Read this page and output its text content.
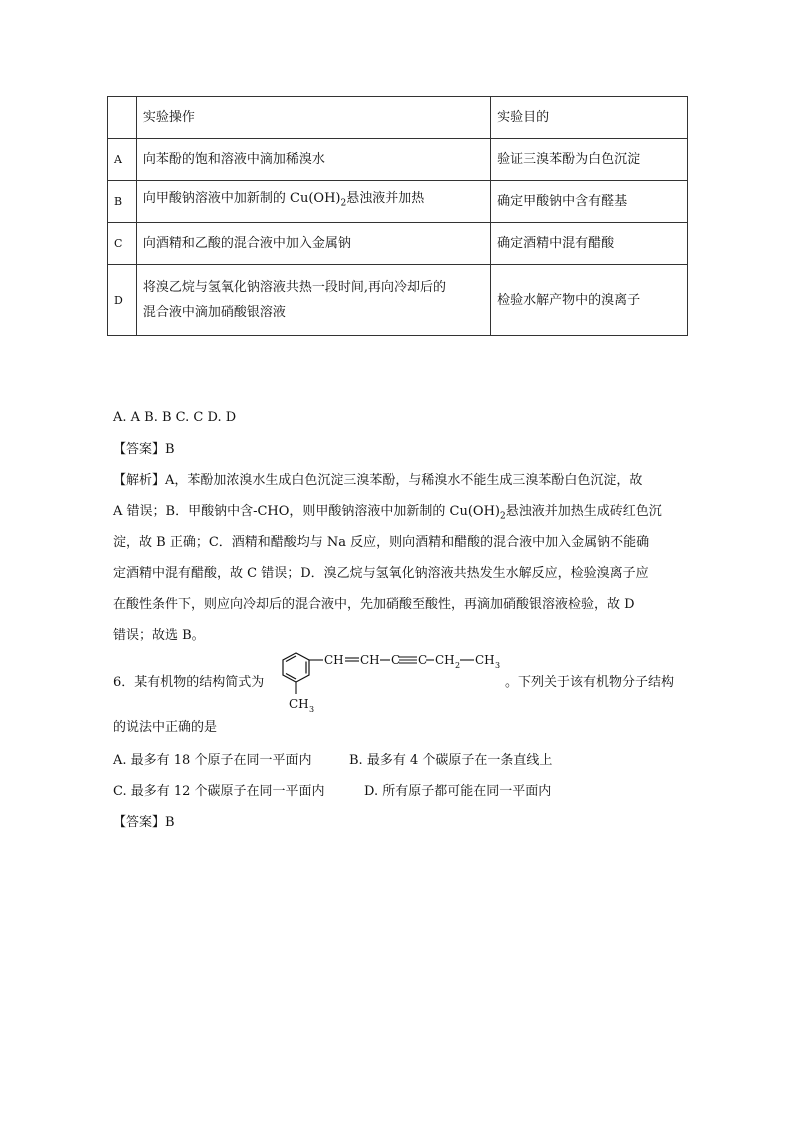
	实验操作	实验目的
A	向苯酚的饱和溶液中滴加稀溴水	验证三溴苯酚为白色沉淀
B	向甲酸钠溶液中加新制的 $Cu(OH)_2$悬浊液并加热	确定甲酸钠中含有醛基
C	向酒精和乙酸的混合液中加入金属钠	确定酒精中混有醋酸
D	将溴乙烷与氢氧化钠溶液共热一段时间,再向冷却后的
混合液中滴加硝酸银溶液	检验水解产物中的溴离子
A. A B. B C. C D. D
【答案】B
【解析】A，苯酚加浓溴水生成白色沉淀三溴苯酚，与稀溴水不能生成三溴苯酚白色沉淀，故
A 错误；B．甲酸钠中含-CHO，则甲酸钠溶液中加新制的 $Cu(OH)_2$悬浊液并加热生成砖红色沉
淀，故 B 正确；C．酒精和醋酸均与 Na 反应，则向酒精和醋酸的混合液中加入金属钠不能确
定酒精中混有醋酸，故 C 错误；D．溴乙烷与氢氧化钠溶液共热发生水解反应，检验溴离子应
在酸性条件下，则应向冷却后的混合液中，先加硝酸至酸性，再滴加硝酸银溶液检验，故 D
错误；故选 B。
6．某有机物的结构简式为	。下列关于该有机物分子结构
CH CH C C CH 2 CH 3
CH 3
的说法中正确的是
A. 最多有 18 个原子在同一平面内	B. 最多有 4 个碳原子在一条直线上
C. 最多有 12 个碳原子在同一平面内	D. 所有原子都可能在同一平面内
【答案】B
